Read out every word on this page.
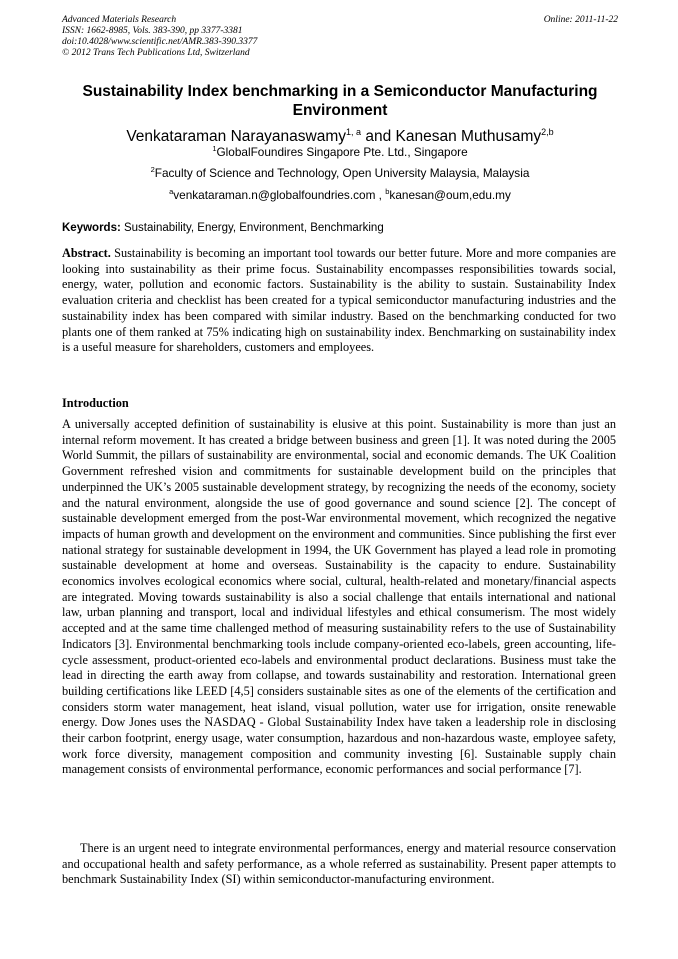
Advanced Materials Research
ISSN: 1662-8985, Vols. 383-390, pp 3377-3381
doi:10.4028/www.scientific.net/AMR.383-390.3377
© 2012 Trans Tech Publications Ltd, Switzerland
Online: 2011-11-22
Sustainability Index benchmarking in a Semiconductor Manufacturing Environment
Venkataraman Narayanaswamy$^{1, a}$ and Kanesan Muthusamy$^{2,b}$
$^1$GlobalFoundires Singapore Pte. Ltd., Singapore
$^2$Faculty of Science and Technology, Open University Malaysia, Malaysia
$^a$venkataraman.n@globalfoundries.com , $^b$kanesan@oum,edu.my
Keywords: Sustainability, Energy, Environment, Benchmarking
Abstract. Sustainability is becoming an important tool towards our better future. More and more companies are looking into sustainability as their prime focus. Sustainability encompasses responsibilities towards social, energy, water, pollution and economic factors. Sustainability is the ability to sustain. Sustainability Index evaluation criteria and checklist has been created for a typical semiconductor manufacturing industries and the sustainability index has been compared with similar industry. Based on the benchmarking conducted for two plants one of them ranked at 75% indicating high on sustainability index. Benchmarking on sustainability index is a useful measure for shareholders, customers and employees.
Introduction
A universally accepted definition of sustainability is elusive at this point. Sustainability is more than just an internal reform movement. It has created a bridge between business and green [1]. It was noted during the 2005 World Summit, the pillars of sustainability are environmental, social and economic demands. The UK Coalition Government refreshed vision and commitments for sustainable development build on the principles that underpinned the UK’s 2005 sustainable development strategy, by recognizing the needs of the economy, society and the natural environment, alongside the use of good governance and sound science [2]. The concept of sustainable development emerged from the post-War environmental movement, which recognized the negative impacts of human growth and development on the environment and communities. Since publishing the first ever national strategy for sustainable development in 1994, the UK Government has played a lead role in promoting sustainable development at home and overseas. Sustainability is the capacity to endure. Sustainability economics involves ecological economics where social, cultural, health-related and monetary/financial aspects are integrated. Moving towards sustainability is also a social challenge that entails international and national law, urban planning and transport, local and individual lifestyles and ethical consumerism. The most widely accepted and at the same time challenged method of measuring sustainability refers to the use of Sustainability Indicators [3]. Environmental benchmarking tools include company-oriented eco-labels, green accounting, life-cycle assessment, product-oriented eco-labels and environmental product declarations. Business must take the lead in directing the earth away from collapse, and towards sustainability and restoration. International green building certifications like LEED [4,5] considers sustainable sites as one of the elements of the certification and considers storm water management, heat island, visual pollution, water use for irrigation, onsite renewable energy. Dow Jones uses the NASDAQ - Global Sustainability Index have taken a leadership role in disclosing their carbon footprint, energy usage, water consumption, hazardous and non-hazardous waste, employee safety, work force diversity, management composition and community investing [6]. Sustainable supply chain management consists of environmental performance, economic performances and social performance [7].
There is an urgent need to integrate environmental performances, energy and material resource conservation and occupational health and safety performance, as a whole referred as sustainability. Present paper attempts to benchmark Sustainability Index (SI) within semiconductor-manufacturing environment.
